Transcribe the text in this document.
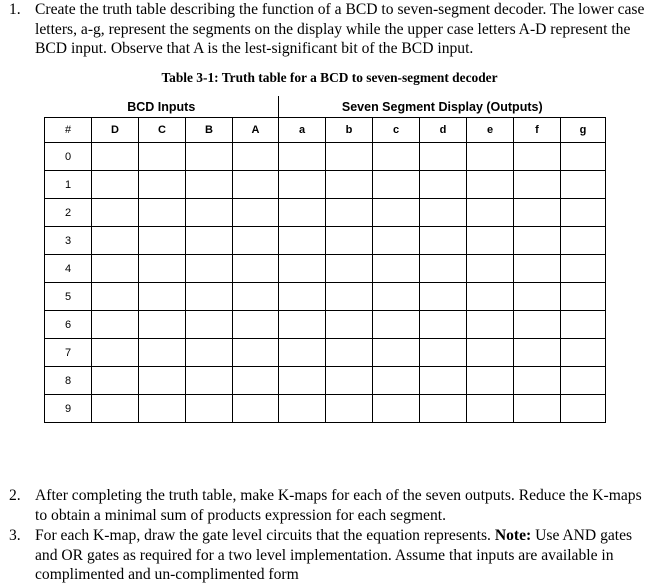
1. Create the truth table describing the function of a BCD to seven-segment decoder. The lower case letters, a-g, represent the segments on the display while the upper case letters A-D represent the BCD input. Observe that A is the lest-significant bit of the BCD input.
Table 3-1: Truth table for a BCD to seven-segment decoder
BCD Inputs					Seven Segment Display (Outputs)						
#	D	C	B	A	a	b	c	d	e	f	g
0											
1											
2											
3											
4											
5											
6											
7											
8											
9											
2. After completing the truth table, make K-maps for each of the seven outputs. Reduce the K-maps to obtain a minimal sum of products expression for each segment.
3. For each K-map, draw the gate level circuits that the equation represents. Note: Use AND gates and OR gates as required for a two level implementation. Assume that inputs are available in complimented and un-complimented form
